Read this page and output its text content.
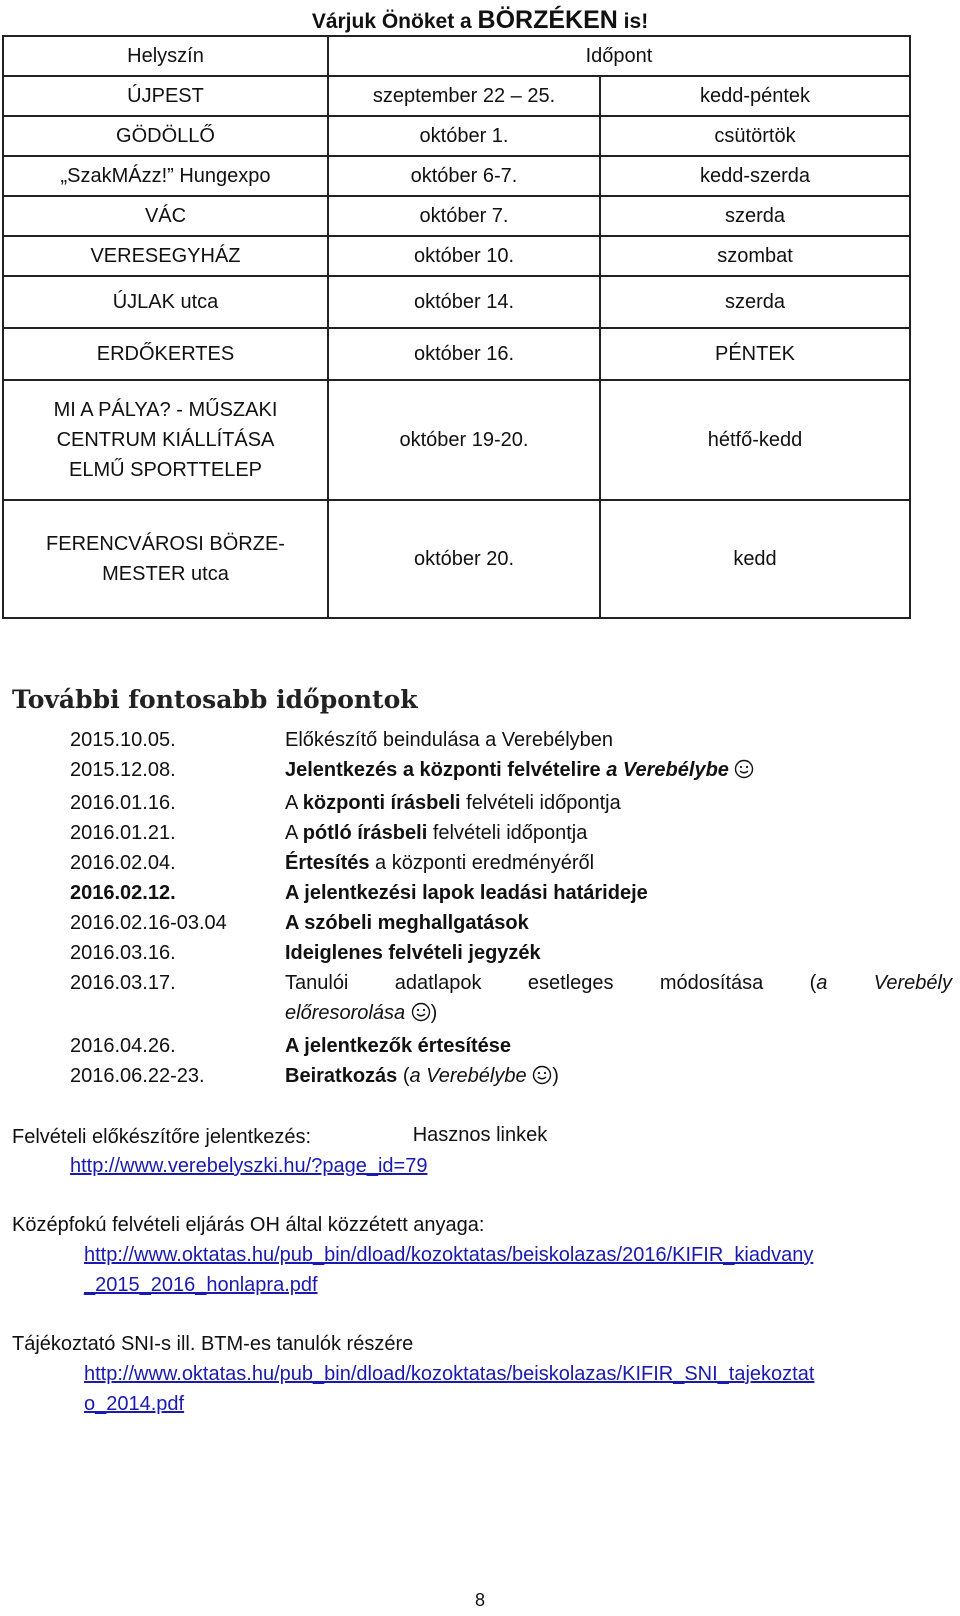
Várjuk Önöket a BÖRZÉKEN is!
Helyszín	Időpont	
ÚJPEST	szeptember 22 – 25.	kedd-péntek
GÖDÖLLŐ	október 1.	csütörtök
„SzakMÁzz!” Hungexpo	október 6-7.	kedd-szerda
VÁC	október 7.	szerda
VERESEGYHÁZ	október 10.	szombat
ÚJLAK utca	október 14.	szerda
ERDŐKERTES	október 16.	PÉNTEK
MI A PÁLYA? - MŰSZAKI
CENTRUM KIÁLLÍTÁSA
ELMŰ SPORTTELEP	október 19-20.	hétfő-kedd
FERENCVÁROSI BÖRZE-
MESTER utca	október 20.	kedd
További fontosabb időpontok
2015.10.05.	Előkészítő beindulása a Verebélyben
2015.12.08.	Jelentkezés a központi felvételire a Verebélybe
2016.01.16.	A központi írásbeli felvételi időpontja
2016.01.21.	A pótló írásbeli felvételi időpontja
2016.02.04.	Értesítés a központi eredményéről
2016.02.12.	A jelentkezési lapok leadási határideje
2016.02.16-03.04	A szóbeli meghallgatások
2016.03.16.	Ideiglenes felvételi jegyzék
2016.03.17.	Tanulói adatlapok esetleges módosítása (a Verebély
előresorolása )
2016.04.26.	A jelentkezők értesítése
2016.06.22-23.	Beiratkozás (a Verebélybe )
Hasznos linkek
Felvételi előkészítőre jelentkezés:
http://www.verebelyszki.hu/?page_id=79
Középfokú felvételi eljárás OH által közzétett anyaga:
http://www.oktatas.hu/pub_bin/dload/kozoktatas/beiskolazas/2016/KIFIR_kiadvany
_2015_2016_honlapra.pdf
Tájékoztató SNI-s ill. BTM-es tanulók részére
http://www.oktatas.hu/pub_bin/dload/kozoktatas/beiskolazas/KIFIR_SNI_tajekoztat
o_2014.pdf
8
